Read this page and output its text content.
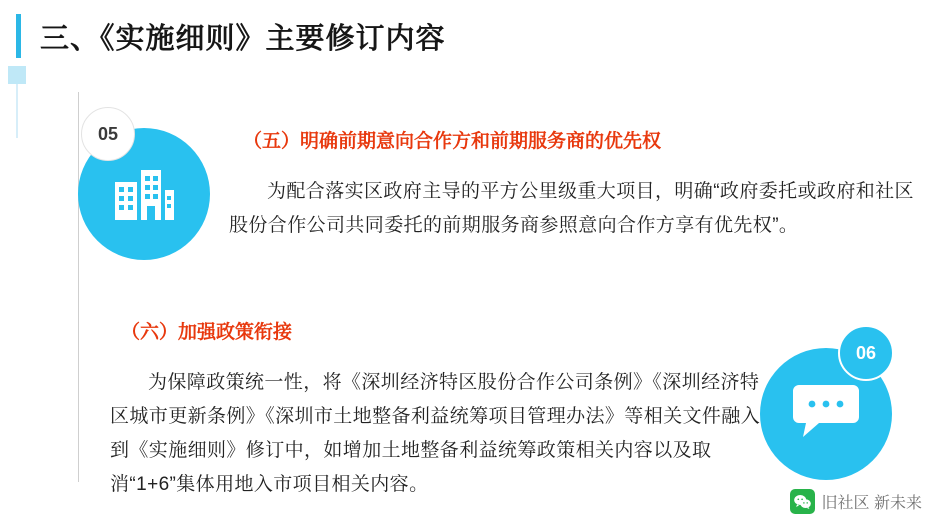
三、《实施细则》主要修订内容
05	（五）明确前期意向合作方和前期服务商的优先权
为配合落实区政府主导的平方公里级重大项目，明确“政府委托或政府和社区股份合作公司共同委托的前期服务商参照意向合作方享有优先权”。
（六）加强政策衔接
为保障政策统一性，将《深圳经济特区股份合作公司条例》《深圳经济特区城市更新条例》《深圳市土地整备利益统筹项目管理办法》等相关文件融入到《实施细则》修订中，如增加土地整备利益统筹政策相关内容以及取消“1+6”集体用地入市项目相关内容。
06
旧社区 新未来
